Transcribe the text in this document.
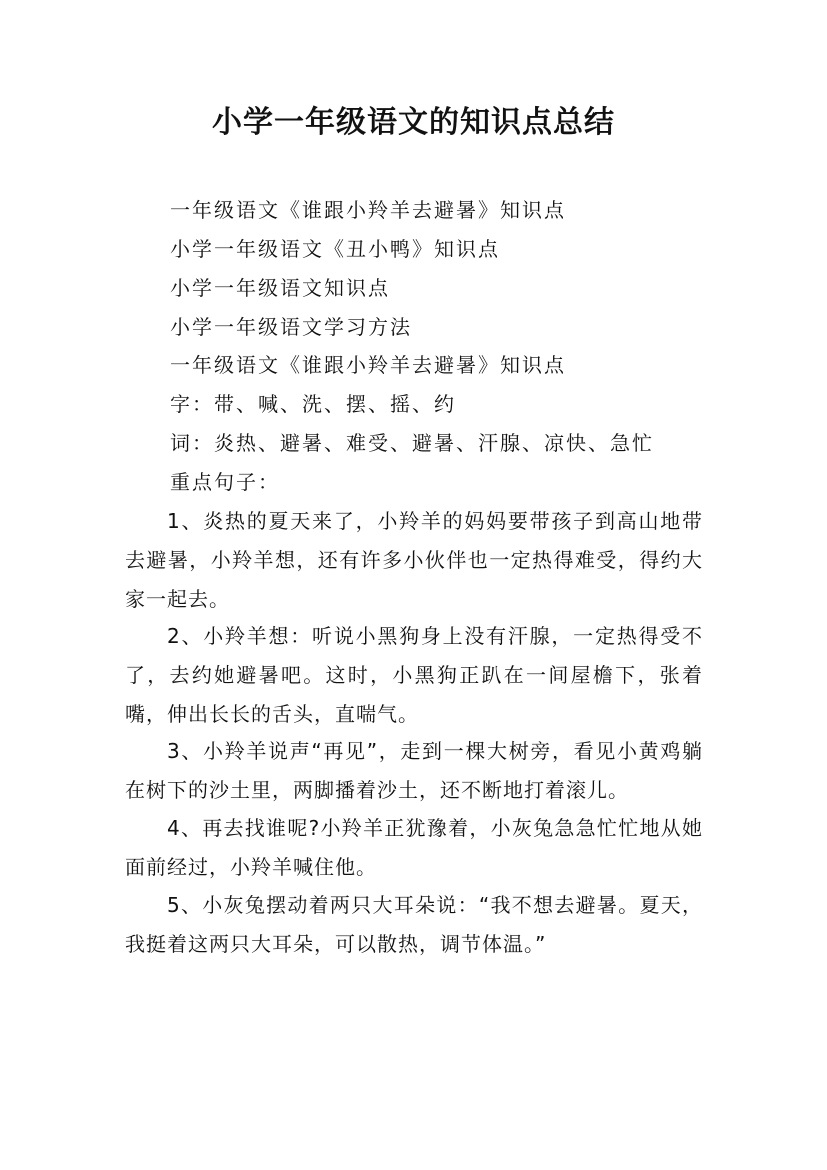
小学一年级语文的知识点总结
一年级语文《谁跟小羚羊去避暑》知识点
小学一年级语文《丑小鸭》知识点
小学一年级语文知识点
小学一年级语文学习方法
一年级语文《谁跟小羚羊去避暑》知识点
字：带、喊、洗、摆、摇、约
词：炎热、避暑、难受、避暑、汗腺、凉快、急忙
重点句子：

1、炎热的夏天来了，小羚羊的妈妈要带孩子到高山地带去避暑，小羚羊想，还有许多小伙伴也一定热得难受，得约大家一起去。

2、小羚羊想：听说小黑狗身上没有汗腺，一定热得受不了，去约她避暑吧。这时，小黑狗正趴在一间屋檐下，张着嘴，伸出长长的舌头，直喘气。

3、小羚羊说声“再见”，走到一棵大树旁，看见小黄鸡躺在树下的沙土里，两脚播着沙土，还不断地打着滚儿。

4、再去找谁呢?小羚羊正犹豫着，小灰兔急急忙忙地从她面前经过，小羚羊喊住他。

5、小灰兔摆动着两只大耳朵说：“我不想去避暑。夏天，我挺着这两只大耳朵，可以散热，调节体温。”
